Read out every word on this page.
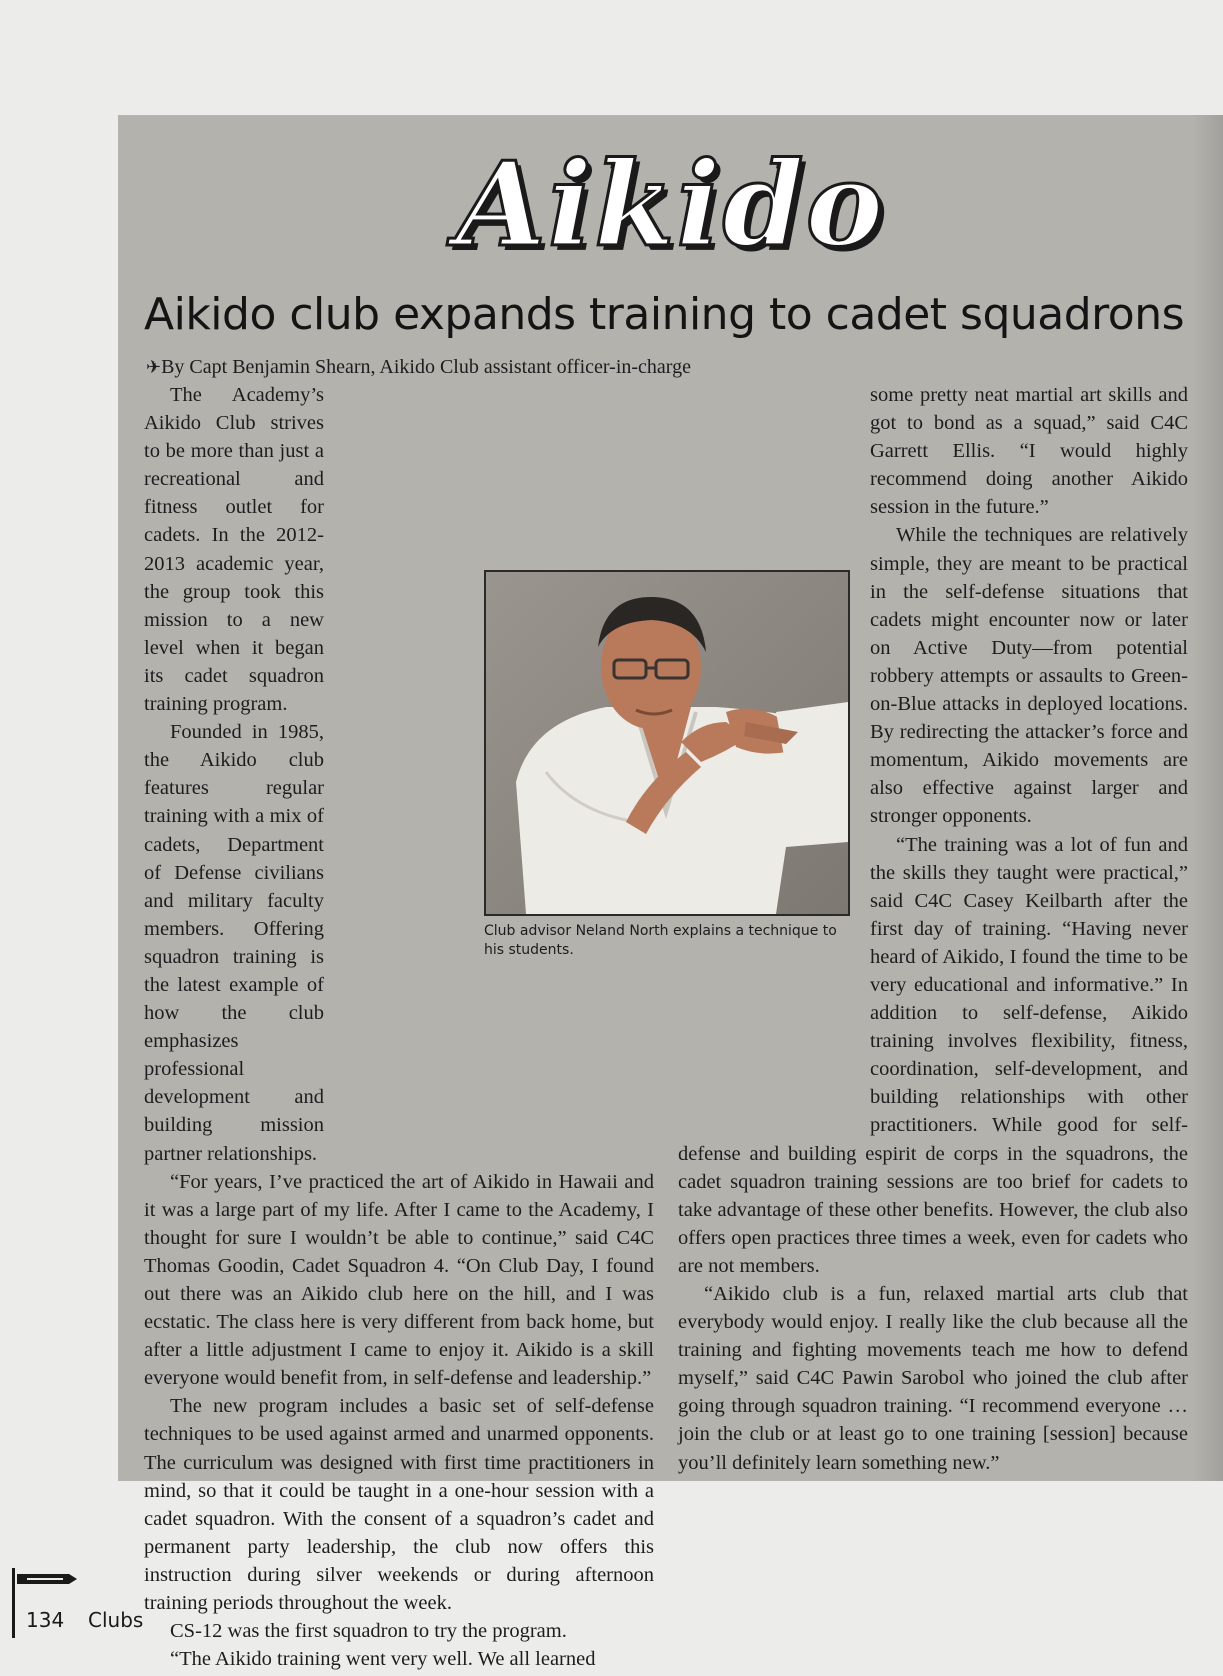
Aikido
Aikido club expands training to cadet squadrons

✈By Capt Benjamin Shearn, Aikido Club assistant officer-in-charge

The Academy’s Aikido Club strives to be more than just a recreational and fitness outlet for cadets. In the 2012-2013 academic year, the group took this mission to a new level when it began its cadet squadron training program.

Founded in 1985, the Aikido club features regular training with a mix of cadets, Department of Defense civilians and military faculty members. Offering squadron training is the latest example of how the club emphasizes professional development and building mission partner relationships.

“For years, I’ve practiced the art of Aikido in Hawaii and it was a large part of my life. After I came to the Academy, I thought for sure I wouldn’t be able to continue,” said C4C Thomas Goodin, Cadet Squadron 4. “On Club Day, I found out there was an Aikido club here on the hill, and I was ecstatic. The class here is very different from back home, but after a little adjustment I came to enjoy it. Aikido is a skill everyone would benefit from, in self-defense and leadership.”

The new program includes a basic set of self-defense techniques to be used against armed and unarmed opponents. The curriculum was designed with first time practitioners in mind, so that it could be taught in a one-hour session with a cadet squadron. With the consent of a squadron’s cadet and permanent party leadership, the club now offers this instruction during silver weekends or during afternoon training periods throughout the week.

CS-12 was the first squadron to try the program.

“The Aikido training went very well. We all learned

some pretty neat martial art skills and got to bond as a squad,” said C4C Garrett Ellis. “I would highly recommend doing another Aikido session in the future.”

While the techniques are relatively simple, they are meant to be practical in the self-defense situations that cadets might encounter now or later on Active Duty—from potential robbery attempts or assaults to Green-on-Blue attacks in deployed locations. By redirecting the attacker’s force and momentum, Aikido movements are also effective against larger and stronger opponents.

“The training was a lot of fun and the skills they taught were practical,” said C4C Casey Keilbarth after the first day of training. “Having never heard of Aikido, I found the time to be very educational and informative.” In addition to self-defense, Aikido training involves flexibility, fitness, coordination, self-development, and building relationships with other practitioners. While good for self-defense and building espirit de corps in the squadrons, the cadet squadron training sessions are too brief for cadets to take advantage of these other benefits. However, the club also offers open practices three times a week, even for cadets who are not members.

“Aikido club is a fun, relaxed martial arts club that everybody would enjoy. I really like the club because all the training and fighting movements teach me how to defend myself,” said C4C Pawin Sarobol who joined the club after going through squadron training. “I recommend everyone … join the club or at least go to one training [session] because you’ll definitely learn something new.”

Club advisor Neland North explains a technique to his students.

134 Clubs
